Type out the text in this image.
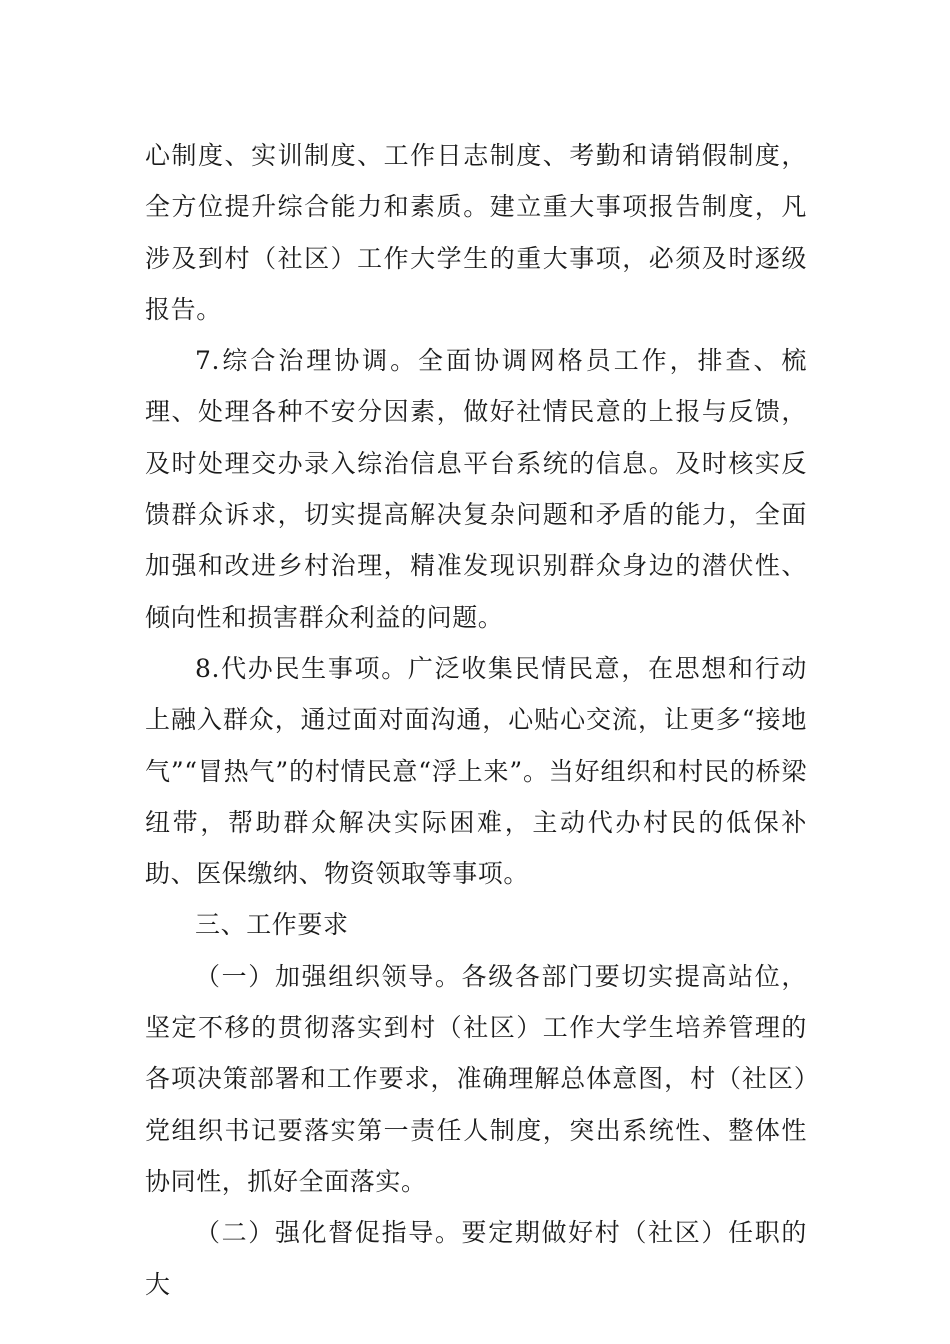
心制度、实训制度、工作日志制度、考勤和请销假制度，全方位提升综合能力和素质。建立重大事项报告制度，凡涉及到村（社区）工作大学生的重大事项，必须及时逐级报告。

7.综合治理协调。全面协调网格员工作，排查、梳理、处理各种不安分因素，做好社情民意的上报与反馈，及时处理交办录入综治信息平台系统的信息。及时核实反馈群众诉求，切实提高解决复杂问题和矛盾的能力，全面加强和改进乡村治理，精准发现识别群众身边的潜伏性、倾向性和损害群众利益的问题。

8.代办民生事项。广泛收集民情民意，在思想和行动上融入群众，通过面对面沟通，心贴心交流，让更多“接地气”“冒热气”的村情民意“浮上来”。当好组织和村民的桥梁纽带，帮助群众解决实际困难，主动代办村民的低保补助、医保缴纳、物资领取等事项。

三、工作要求

（一）加强组织领导。各级各部门要切实提高站位，坚定不移的贯彻落实到村（社区）工作大学生培养管理的各项决策部署和工作要求，准确理解总体意图，村（社区）党组织书记要落实第一责任人制度，突出系统性、整体性协同性，抓好全面落实。

（二）强化督促指导。要定期做好村（社区）任职的大
